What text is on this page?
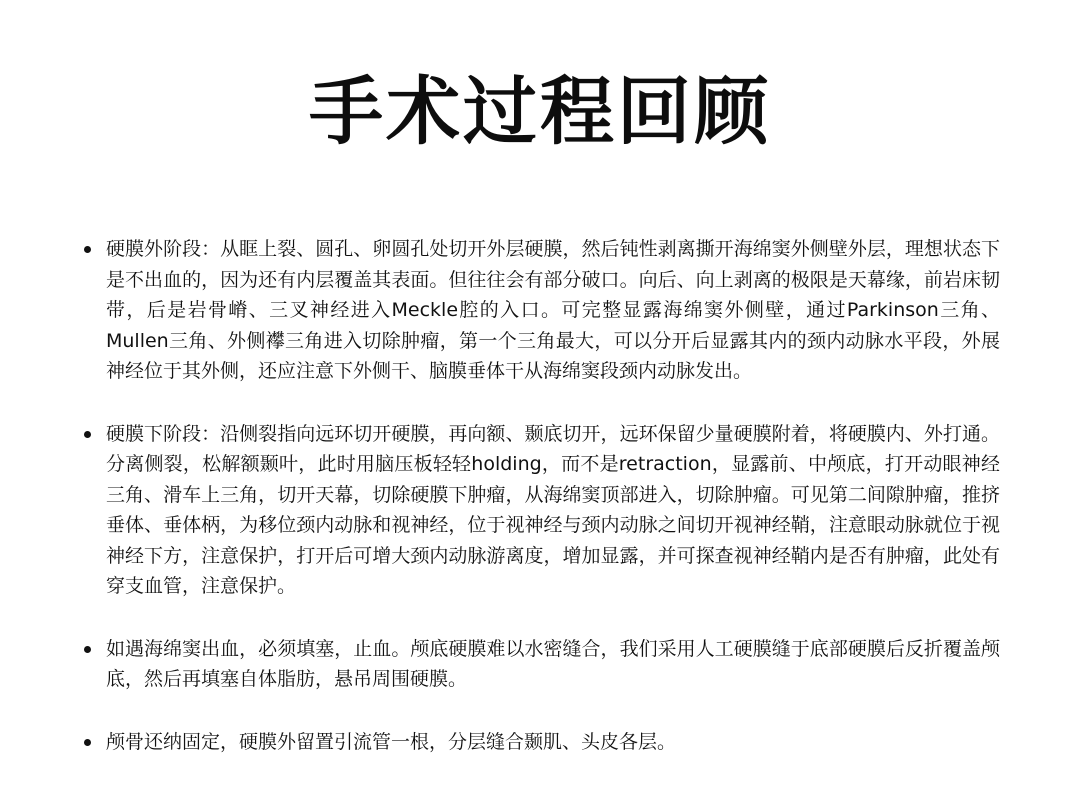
手术过程回顾
硬膜外阶段：从眶上裂、圆孔、卵圆孔处切开外层硬膜，然后钝性剥离撕开海绵窦外侧壁外层，理想状态下是不出血的，因为还有内层覆盖其表面。但往往会有部分破口。向后、向上剥离的极限是天幕缘，前岩床韧带，后是岩骨嵴、三叉神经进入Meckle腔的入口。可完整显露海绵窦外侧壁，通过Parkinson三角、Mullen三角、外侧襻三角进入切除肿瘤，第一个三角最大，可以分开后显露其内的颈内动脉水平段，外展神经位于其外侧，还应注意下外侧干、脑膜垂体干从海绵窦段颈内动脉发出。
硬膜下阶段：沿侧裂指向远环切开硬膜，再向额、颞底切开，远环保留少量硬膜附着，将硬膜内、外打通。分离侧裂，松解额颞叶，此时用脑压板轻轻holding，而不是retraction，显露前、中颅底，打开动眼神经三角、滑车上三角，切开天幕，切除硬膜下肿瘤，从海绵窦顶部进入，切除肿瘤。可见第二间隙肿瘤，推挤垂体、垂体柄，为移位颈内动脉和视神经，位于视神经与颈内动脉之间切开视神经鞘，注意眼动脉就位于视神经下方，注意保护，打开后可增大颈内动脉游离度，增加显露，并可探查视神经鞘内是否有肿瘤，此处有穿支血管，注意保护。
如遇海绵窦出血，必须填塞，止血。颅底硬膜难以水密缝合，我们采用人工硬膜缝于底部硬膜后反折覆盖颅底，然后再填塞自体脂肪，悬吊周围硬膜。
颅骨还纳固定，硬膜外留置引流管一根，分层缝合颞肌、头皮各层。
